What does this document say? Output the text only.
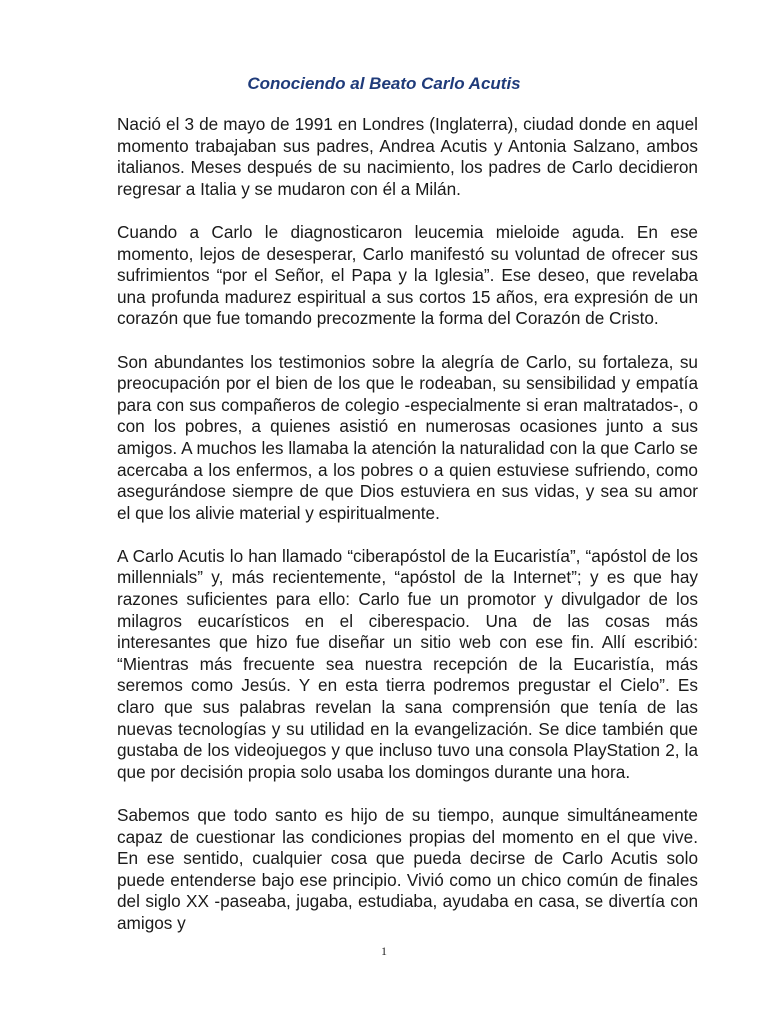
Conociendo al Beato Carlo Acutis

Nació el 3 de mayo de 1991 en Londres (Inglaterra), ciudad donde en aquel momento trabajaban sus padres, Andrea Acutis y Antonia Salzano, ambos italianos. Meses después de su nacimiento, los padres de Carlo decidieron regresar a Italia y se mudaron con él a Milán.

Cuando a Carlo le diagnosticaron leucemia mieloide aguda. En ese momento, lejos de desesperar, Carlo manifestó su voluntad de ofrecer sus sufrimientos “por el Señor, el Papa y la Iglesia”. Ese deseo, que revelaba una profunda madurez espiritual a sus cortos 15 años, era expresión de un corazón que fue tomando precozmente la forma del Corazón de Cristo.

Son abundantes los testimonios sobre la alegría de Carlo, su fortaleza, su preocupación por el bien de los que le rodeaban, su sensibilidad y empatía para con sus compañeros de colegio -especialmente si eran maltratados-, o con los pobres, a quienes asistió en numerosas ocasiones junto a sus amigos. A muchos les llamaba la atención la naturalidad con la que Carlo se acercaba a los enfermos, a los pobres o a quien estuviese sufriendo, como asegurándose siempre de que Dios estuviera en sus vidas, y sea su amor el que los alivie material y espiritualmente.

A Carlo Acutis lo han llamado “ciberapóstol de la Eucaristía”, “apóstol de los millennials” y, más recientemente, “apóstol de la Internet”; y es que hay razones suficientes para ello: Carlo fue un promotor y divulgador de los milagros eucarísticos en el ciberespacio. Una de las cosas más interesantes que hizo fue diseñar un sitio web con ese fin. Allí escribió: “Mientras más frecuente sea nuestra recepción de la Eucaristía, más seremos como Jesús. Y en esta tierra podremos pregustar el Cielo”. Es claro que sus palabras revelan la sana comprensión que tenía de las nuevas tecnologías y su utilidad en la evangelización. Se dice también que gustaba de los videojuegos y que incluso tuvo una consola PlayStation 2, la que por decisión propia solo usaba los domingos durante una hora.

Sabemos que todo santo es hijo de su tiempo, aunque simultáneamente capaz de cuestionar las condiciones propias del momento en el que vive. En ese sentido, cualquier cosa que pueda decirse de Carlo Acutis solo puede entenderse bajo ese principio. Vivió como un chico común de finales del siglo XX -paseaba, jugaba, estudiaba, ayudaba en casa, se divertía con amigos y

1
